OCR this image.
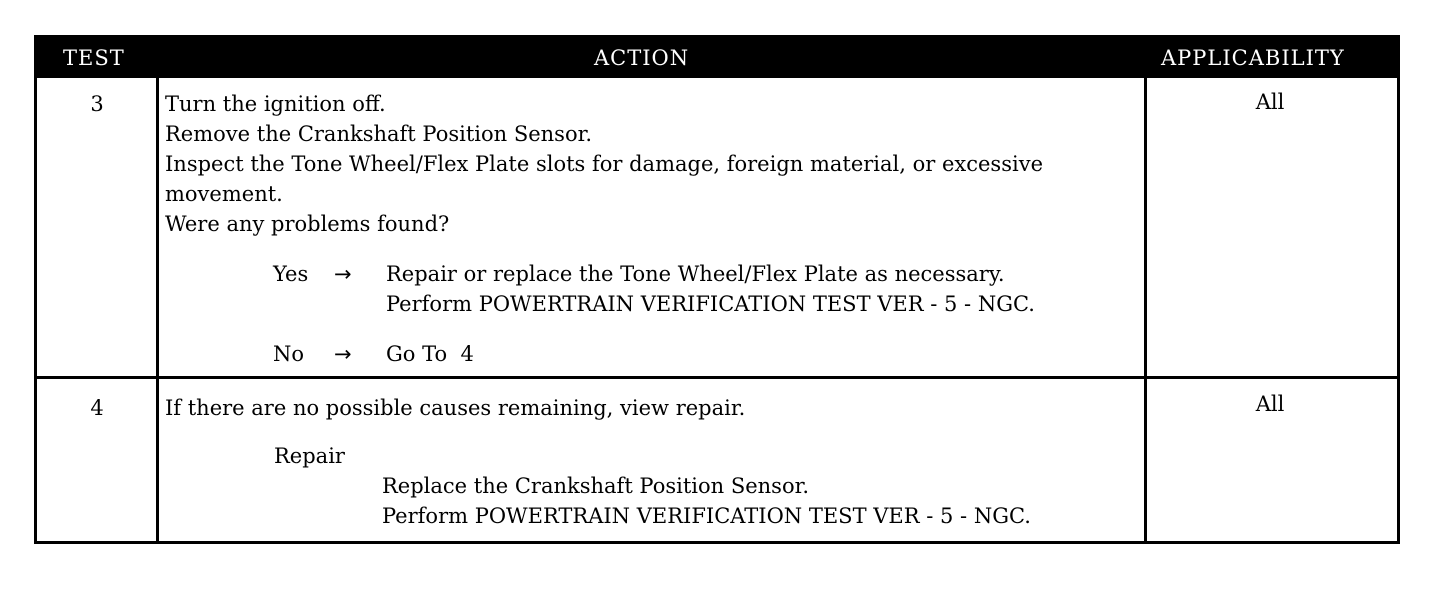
TEST	ACTION	APPLICABILITY
3	Turn the ignition off.
Remove the Crankshaft Position Sensor.
Inspect the Tone Wheel/Flex Plate slots for damage, foreign material, or excessive
movement.
Were any problems found?
Yes → Repair or replace the Tone Wheel/Flex Plate as necessary.
Perform POWERTRAIN VERIFICATION TEST VER - 5 - NGC.
No → Go To  4
All
4	If there are no possible causes remaining, view repair.
Repair
Replace the Crankshaft Position Sensor.
Perform POWERTRAIN VERIFICATION TEST VER - 5 - NGC.
All
